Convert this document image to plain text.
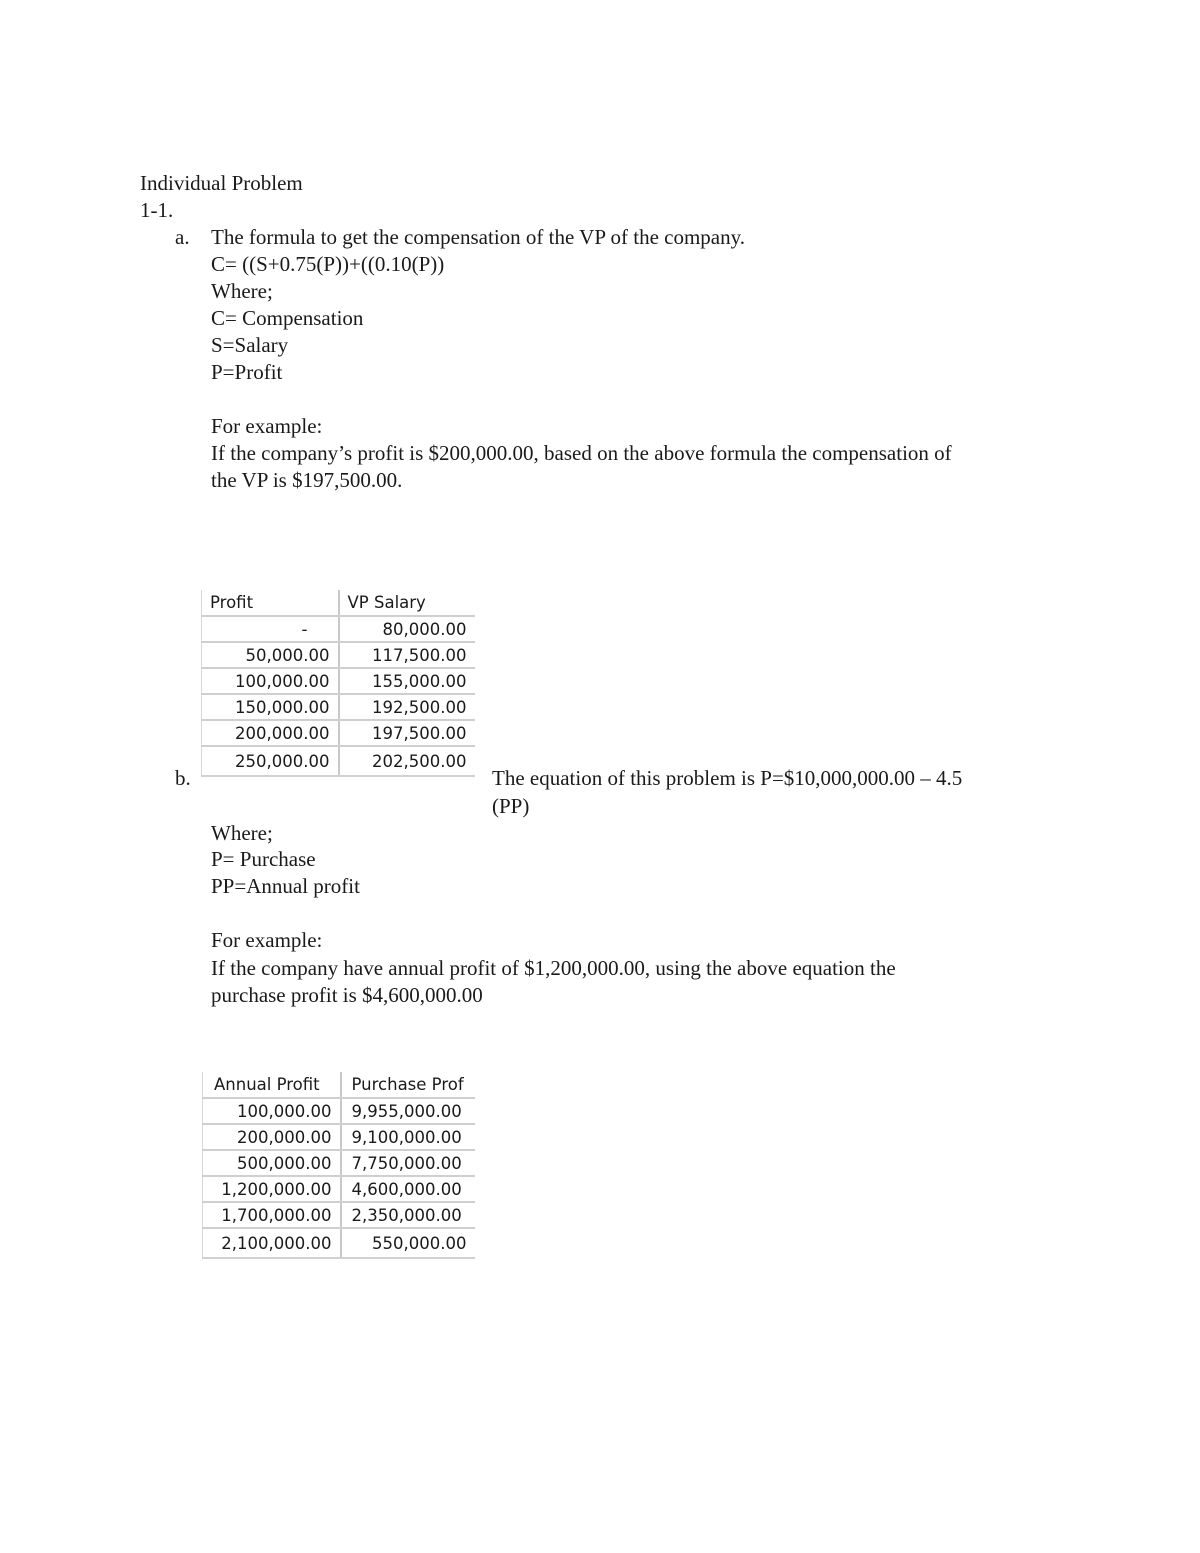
Individual Problem
1-1.
a. The formula to get the compensation of the VP of the company.
C= ((S+0.75(P))+((0.10(P))
Where;
C= Compensation
S=Salary
P=Profit
For example:
If the company’s profit is $200,000.00, based on the above formula the compensation of
the VP is $197,500.00.
Profit	VP Salary
-	80,000.00
50,000.00	117,500.00
100,000.00	155,000.00
150,000.00	192,500.00
200,000.00	197,500.00
250,000.00	202,500.00
b.	The equation of this problem is P=$10,000,000.00 – 4.5
(PP)
Where;
P= Purchase
PP=Annual profit
For example:
If the company have annual profit of $1,200,000.00, using the above equation the
purchase profit is $4,600,000.00
Annual Profit	Purchase Prof
100,000.00	9,955,000.00
200,000.00	9,100,000.00
500,000.00	7,750,000.00
1,200,000.00	4,600,000.00
1,700,000.00	2,350,000.00
2,100,000.00	550,000.00
